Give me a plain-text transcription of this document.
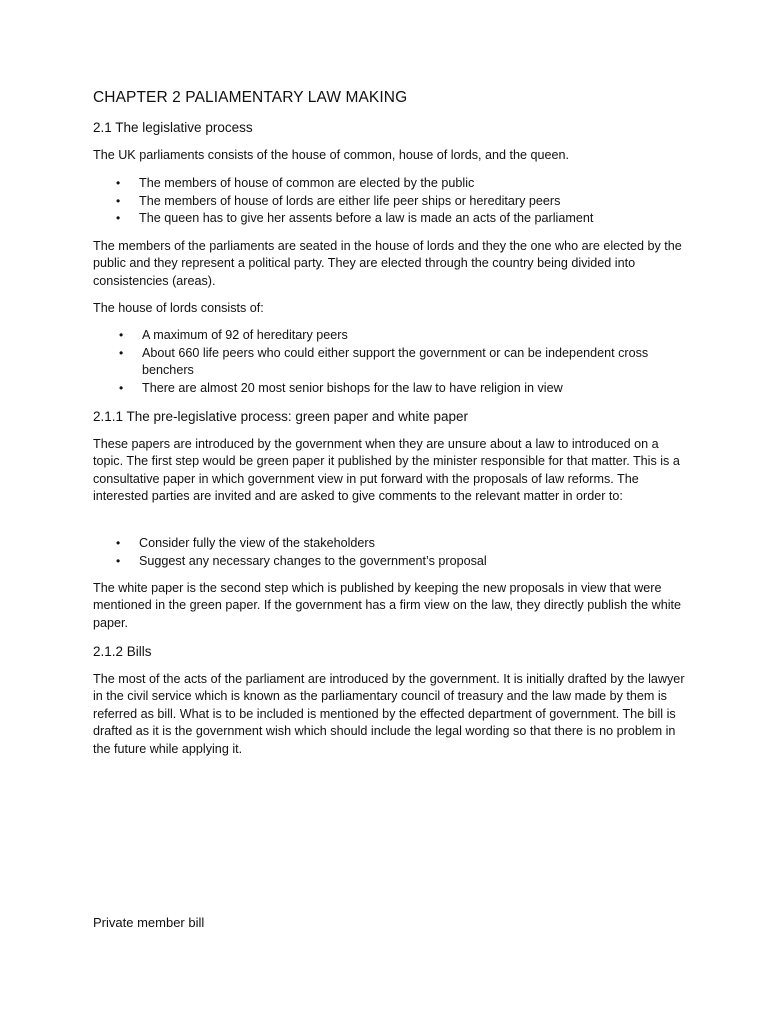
CHAPTER 2 PALIAMENTARY LAW MAKING
2.1 The legislative process

The UK parliaments consists of the house of common, house of lords, and the queen.

• The members of house of common are elected by the public
• The members of house of lords are either life peer ships or hereditary peers
• The queen has to give her assents before a law is made an acts of the parliament

The members of the parliaments are seated in the house of lords and they the one who are elected by the public and they represent a political party. They are elected through the country being divided into consistencies (areas).

The house of lords consists of:

• A maximum of 92 of hereditary peers
• About 660 life peers who could either support the government or can be independent cross benchers
• There are almost 20 most senior bishops for the law to have religion in view
2.1.1 The pre-legislative process: green paper and white paper

These papers are introduced by the government when they are unsure about a law to introduced on a topic. The first step would be green paper it published by the minister responsible for that matter. This is a consultative paper in which government view in put forward with the proposals of law reforms. The interested parties are invited and are asked to give comments to the relevant matter in order to:

• Consider fully the view of the stakeholders
• Suggest any necessary changes to the government’s proposal

The white paper is the second step which is published by keeping the new proposals in view that were mentioned in the green paper. If the government has a firm view on the law, they directly publish the white paper.

2.1.2 Bills

The most of the acts of the parliament are introduced by the government. It is initially drafted by the lawyer in the civil service which is known as the parliamentary council of treasury and the law made by them is referred as bill. What is to be included is mentioned by the effected department of government. The bill is drafted as it is the government wish which should include the legal wording so that there is no problem in the future while applying it.

Private member bill
